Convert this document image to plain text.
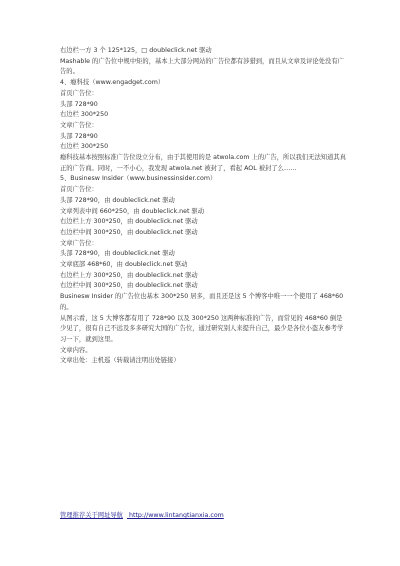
右边栏一方 3 个 125*125，□ doubleclick.net 驱动
Mashable 的广告位中规中矩的，基本上大部分网站的广告位都有涉猎到，而且从文章及评论处没有广告的。
4、瘾科技（www.engadget.com）
首页广告位：
头部 728*90
右边栏 300*250
文章广告位：
头部 728*90
右边栏 300*250
瘾科技基本按照标准广告位设立分布，由于其使用的是 atwola.com 上的广告，所以我们无法知道其真正的广告商。同时，一不小心，我发现 atwola.net 被封了，看起 AOL 被封了么……
5、Businesw Insider（www.businessinsider.com）
首页广告位：
头部 728*90，由 doubleclick.net 驱动
文章列表中间 660*250，由 doubleclick.net 驱动
右边栏上方 300*250，由 doubleclick.net 驱动
右边栏中间 300*250，由 doubleclick.net 驱动
文章广告位：
头部 728*90，由 doubleclick.net 驱动
文章底部 468*60，由 doubleclick.net 驱动
右边栏上方 300*250，由 doubleclick.net 驱动
右边栏中间 300*250，由 doubleclick.net 驱动
Businesw Insider 的广告位也基本 300*250 居多，而且还是这 5 个博客中唯一一个使用了 468*60 的。
从图示看，这 5 大博客都有用了 728*90 以及 300*250 这两种标准的广告，而常见的 468*60 倒是少见了，很有自己不远及多多研究大国的广告位，通过研究别人来提升自己，最少是各位小盗友参考学习一下，就到这里。
文章内容。
文章出处：主机巡（转载请注明出处链接）
管理推荐关于网址导航 http://www.lintangtianxia.com
